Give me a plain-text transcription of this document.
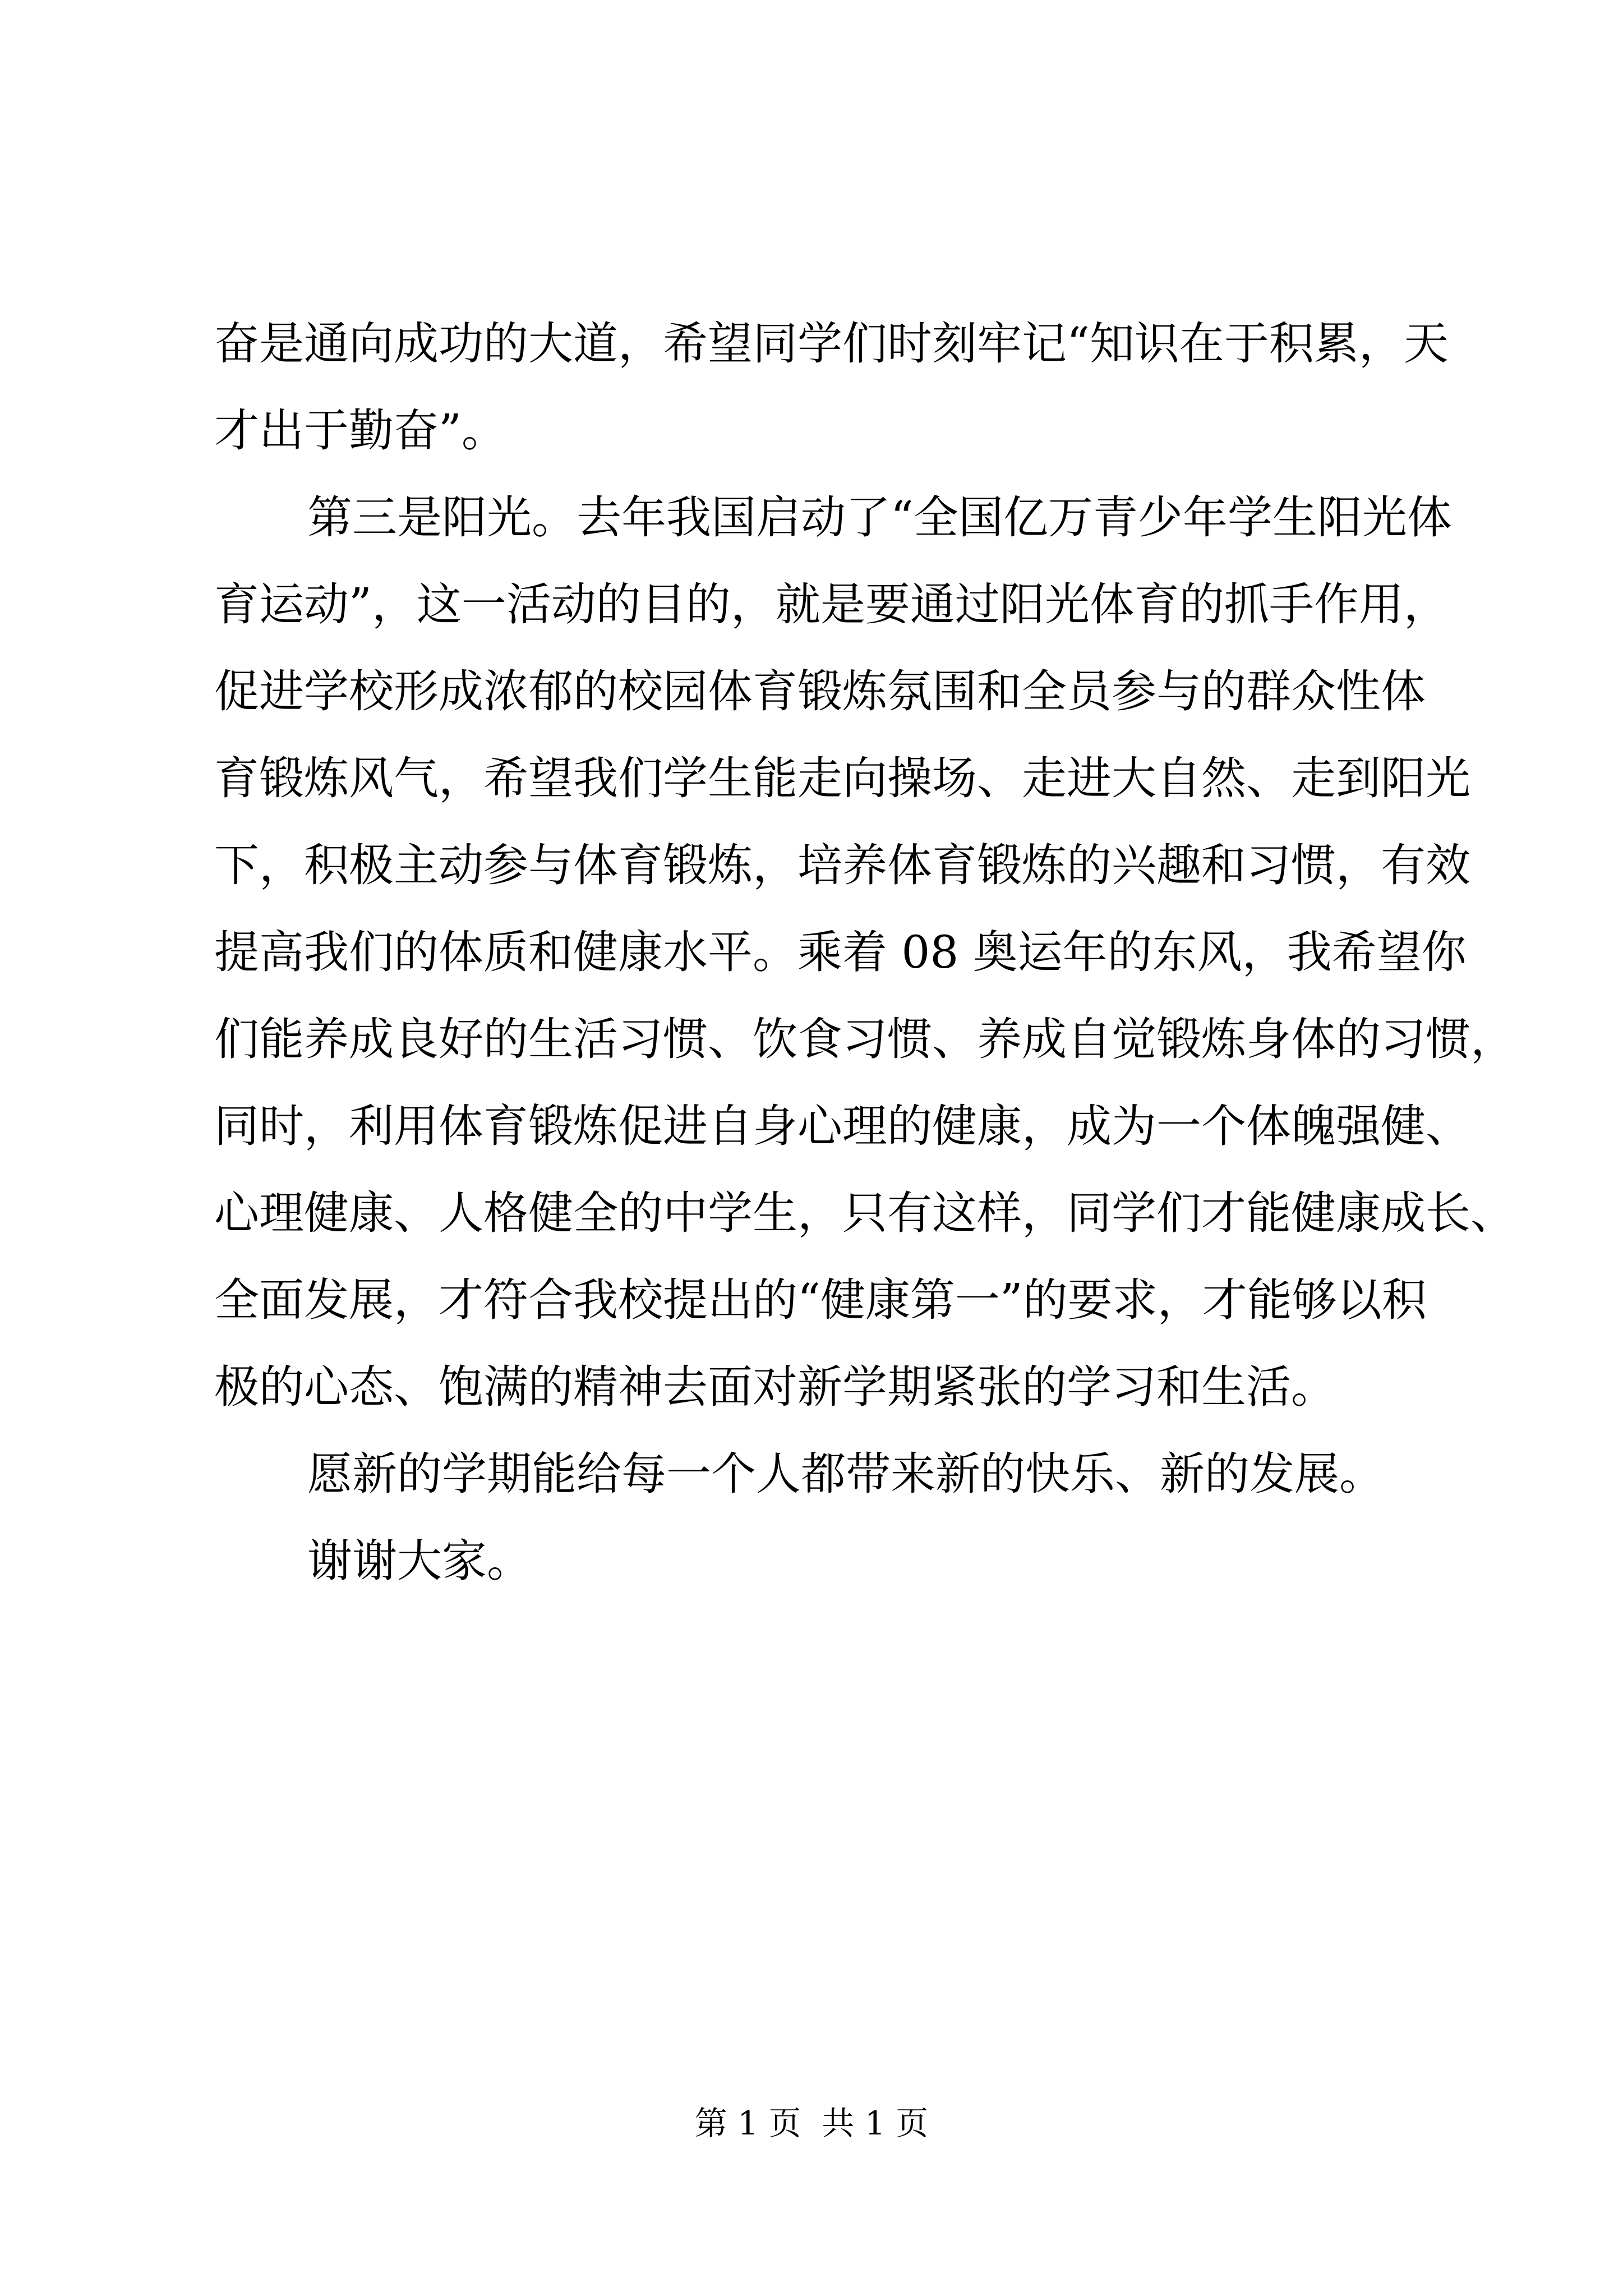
奋是通向成功的大道，希望同学们时刻牢记“知识在于积累，天
才出于勤奋”。
第三是阳光。去年我国启动了“全国亿万青少年学生阳光体
育运动”，这一活动的目的，就是要通过阳光体育的抓手作用，
促进学校形成浓郁的校园体育锻炼氛围和全员参与的群众性体
育锻炼风气，希望我们学生能走向操场、走进大自然、走到阳光
下，积极主动参与体育锻炼，培养体育锻炼的兴趣和习惯，有效
提高我们的体质和健康水平。乘着 08 奥运年的东风，我希望你
们能养成良好的生活习惯、饮食习惯、养成自觉锻炼身体的习惯，
同时，利用体育锻炼促进自身心理的健康，成为一个体魄强健、
心理健康、人格健全的中学生，只有这样，同学们才能健康成长、
全面发展，才符合我校提出的“健康第一”的要求，才能够以积
极的心态、饱满的精神去面对新学期紧张的学习和生活。
愿新的学期能给每一个人都带来新的快乐、新的发展。
谢谢大家。
第 1 页  共 1 页
